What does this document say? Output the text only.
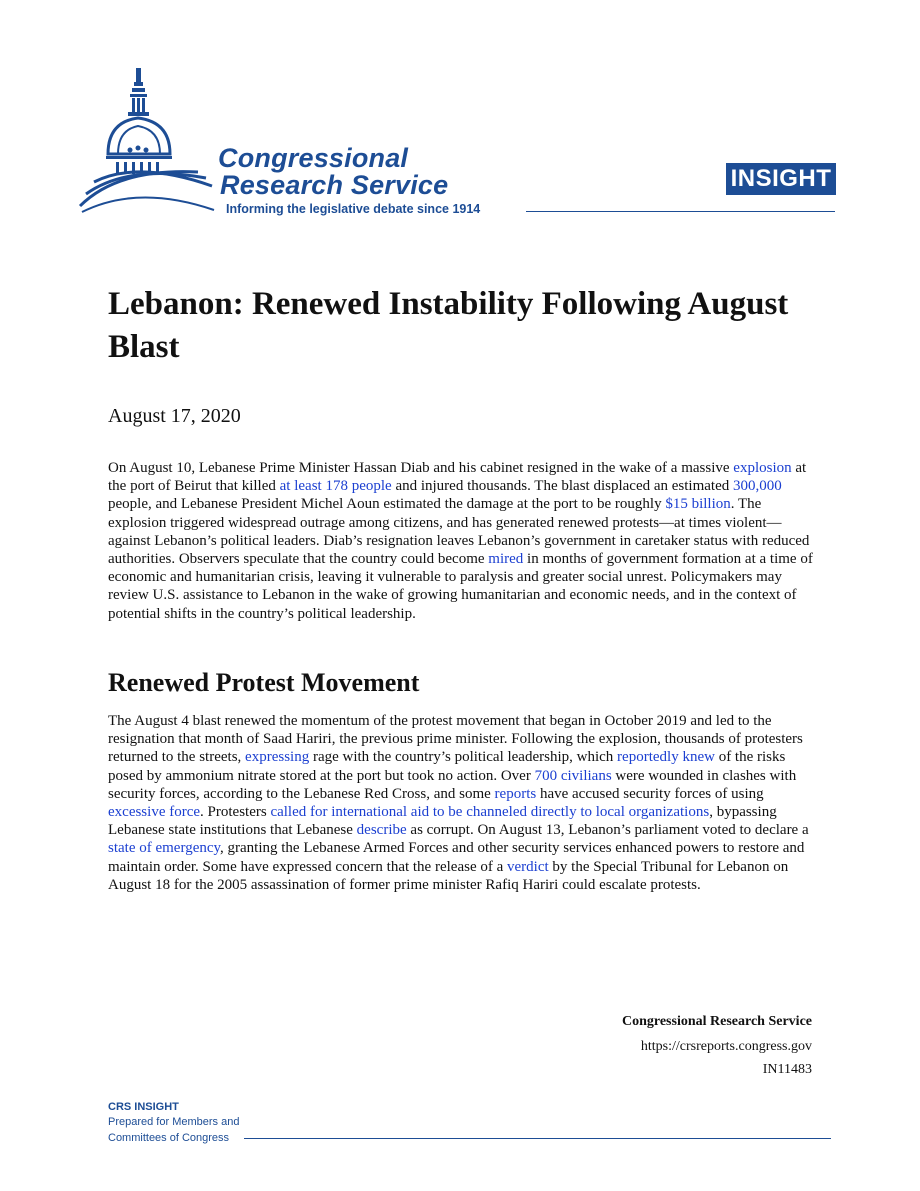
Congressional
Research Service
Informing the legislative debate since 1914
INSIGHT
Lebanon: Renewed Instability Following August Blast
August 17, 2020

On August 10, Lebanese Prime Minister Hassan Diab and his cabinet resigned in the wake of a massive explosion at the port of Beirut that killed at least 178 people and injured thousands. The blast displaced an estimated 300,000 people, and Lebanese President Michel Aoun estimated the damage at the port to be roughly $15 billion. The explosion triggered widespread outrage among citizens, and has generated renewed protests—at times violent—against Lebanon’s political leaders. Diab’s resignation leaves Lebanon’s government in caretaker status with reduced authorities. Observers speculate that the country could become mired in months of government formation at a time of economic and humanitarian crisis, leaving it vulnerable to paralysis and greater social unrest. Policymakers may review U.S. assistance to Lebanon in the wake of growing humanitarian and economic needs, and in the context of potential shifts in the country’s political leadership.

Renewed Protest Movement

The August 4 blast renewed the momentum of the protest movement that began in October 2019 and led to the resignation that month of Saad Hariri, the previous prime minister. Following the explosion, thousands of protesters returned to the streets, expressing rage with the country’s political leadership, which reportedly knew of the risks posed by ammonium nitrate stored at the port but took no action. Over 700 civilians were wounded in clashes with security forces, according to the Lebanese Red Cross, and some reports have accused security forces of using excessive force. Protesters called for international aid to be channeled directly to local organizations, bypassing Lebanese state institutions that Lebanese describe as corrupt. On August 13, Lebanon’s parliament voted to declare a state of emergency, granting the Lebanese Armed Forces and other security services enhanced powers to restore and maintain order. Some have expressed concern that the release of a verdict by the Special Tribunal for Lebanon on August 18 for the 2005 assassination of former prime minister Rafiq Hariri could escalate protests.

Congressional Research Service
https://crsreports.congress.gov
IN11483
CRS INSIGHT
Prepared for Members and
Committees of Congress
